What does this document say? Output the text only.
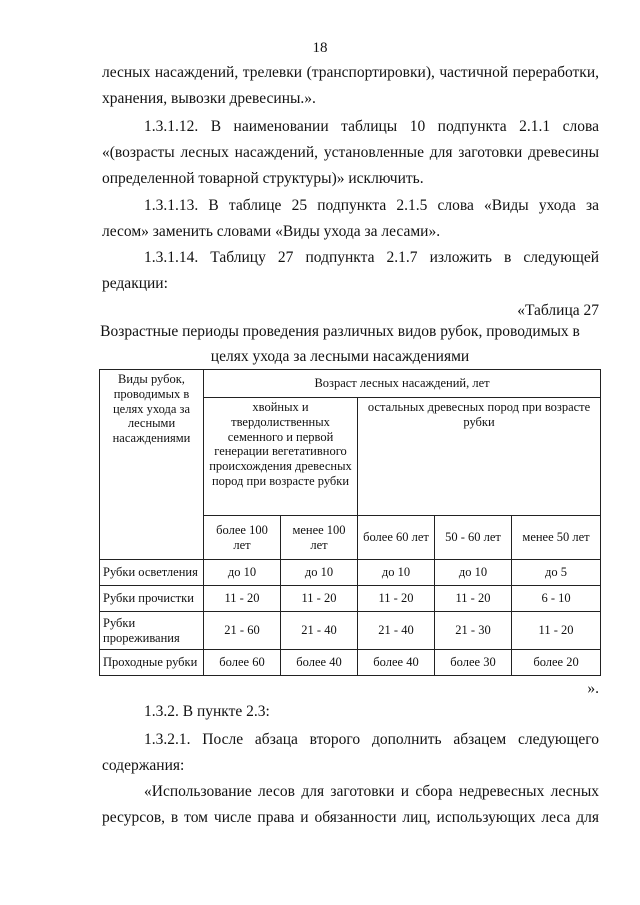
18
лесных насаждений, трелевки (транспортировки), частичной переработки,
хранения, вывозки древесины.».
1.3.1.12. В наименовании таблицы 10 подпункта 2.1.1 слова
«(возрасты лесных насаждений, установленные для заготовки древесины
определенной товарной структуры)» исключить.
1.3.1.13. В таблице 25 подпункта 2.1.5 слова «Виды ухода за
лесом» заменить словами «Виды ухода за лесами».
1.3.1.14. Таблицу 27 подпункта 2.1.7 изложить в следующей
редакции:
«Таблица 27
Возрастные периоды проведения различных видов рубок, проводимых в
целях ухода за лесными насаждениями
Виды рубок, проводимых в целях ухода за лесными насаждениями	Возраст лесных насаждений, лет				
	хвойных и твердолиственных семенного и первой генерации вегетативного происхождения древесных пород при возрасте рубки		остальных древесных пород при возрасте рубки		
	более 100 лет	менее 100 лет	более 60 лет	50 - 60 лет	менее 50 лет
Рубки осветления	до 10	до 10	до 10	до 10	до 5
Рубки прочистки	11 - 20	11 - 20	11 - 20	11 - 20	6 - 10
Рубки прореживания	21 - 60	21 - 40	21 - 40	21 - 30	11 - 20
Проходные рубки	более 60	более 40	более 40	более 30	более 20
».
1.3.2. В пункте 2.3:
1.3.2.1. После абзаца второго дополнить абзацем следующего
содержания:
«Использование лесов для заготовки и сбора недревесных лесных
ресурсов, в том числе права и обязанности лиц, использующих леса для
